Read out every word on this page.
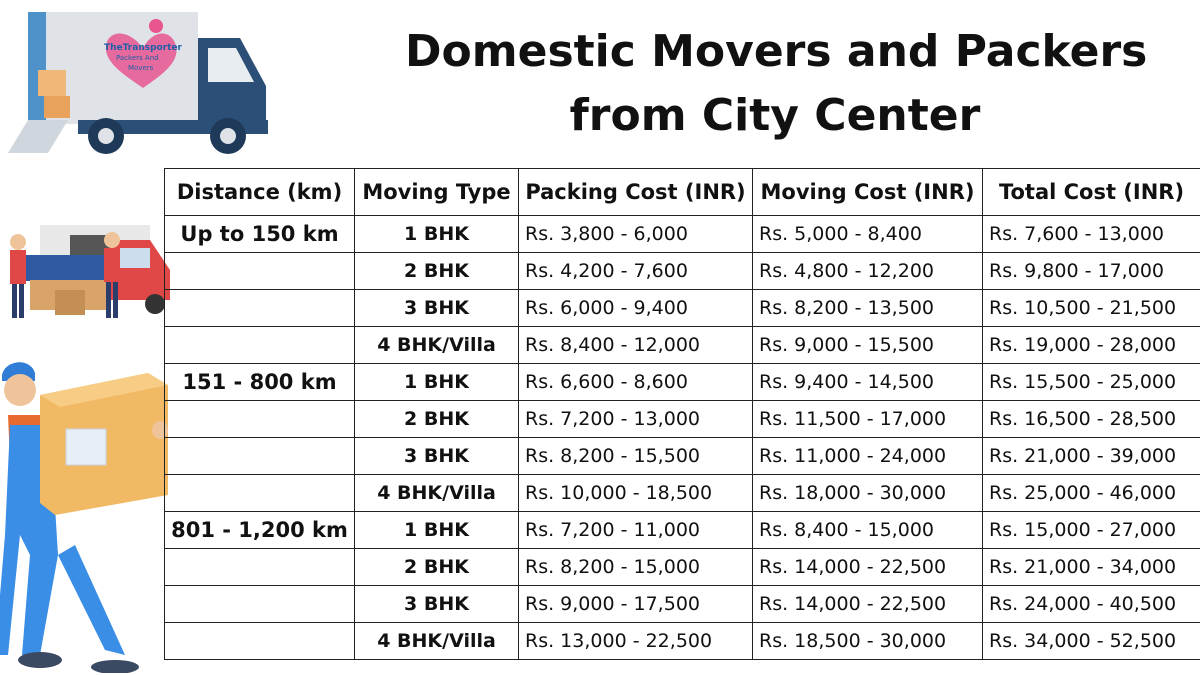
TheTransporter
Packers And
Movers	Domestic Movers and Packers
from City Center
Distance (km)	Moving Type	Packing Cost (INR)	Moving Cost (INR)	Total Cost (INR)
Up to 150 km	1 BHK	Rs. 3,800 - 6,000	Rs. 5,000 - 8,400	Rs. 7,600 - 13,000
	2 BHK	Rs. 4,200 - 7,600	Rs. 4,800 - 12,200	Rs. 9,800 - 17,000
	3 BHK	Rs. 6,000 - 9,400	Rs. 8,200 - 13,500	Rs. 10,500 - 21,500
	4 BHK/Villa	Rs. 8,400 - 12,000	Rs. 9,000 - 15,500	Rs. 19,000 - 28,000
151 - 800 km	1 BHK	Rs. 6,600 - 8,600	Rs. 9,400 - 14,500	Rs. 15,500 - 25,000
	2 BHK	Rs. 7,200 - 13,000	Rs. 11,500 - 17,000	Rs. 16,500 - 28,500
	3 BHK	Rs. 8,200 - 15,500	Rs. 11,000 - 24,000	Rs. 21,000 - 39,000
	4 BHK/Villa	Rs. 10,000 - 18,500	Rs. 18,000 - 30,000	Rs. 25,000 - 46,000
801 - 1,200 km	1 BHK	Rs. 7,200 - 11,000	Rs. 8,400 - 15,000	Rs. 15,000 - 27,000
	2 BHK	Rs. 8,200 - 15,000	Rs. 14,000 - 22,500	Rs. 21,000 - 34,000
	3 BHK	Rs. 9,000 - 17,500	Rs. 14,000 - 22,500	Rs. 24,000 - 40,500
	4 BHK/Villa	Rs. 13,000 - 22,500	Rs. 18,500 - 30,000	Rs. 34,000 - 52,500
